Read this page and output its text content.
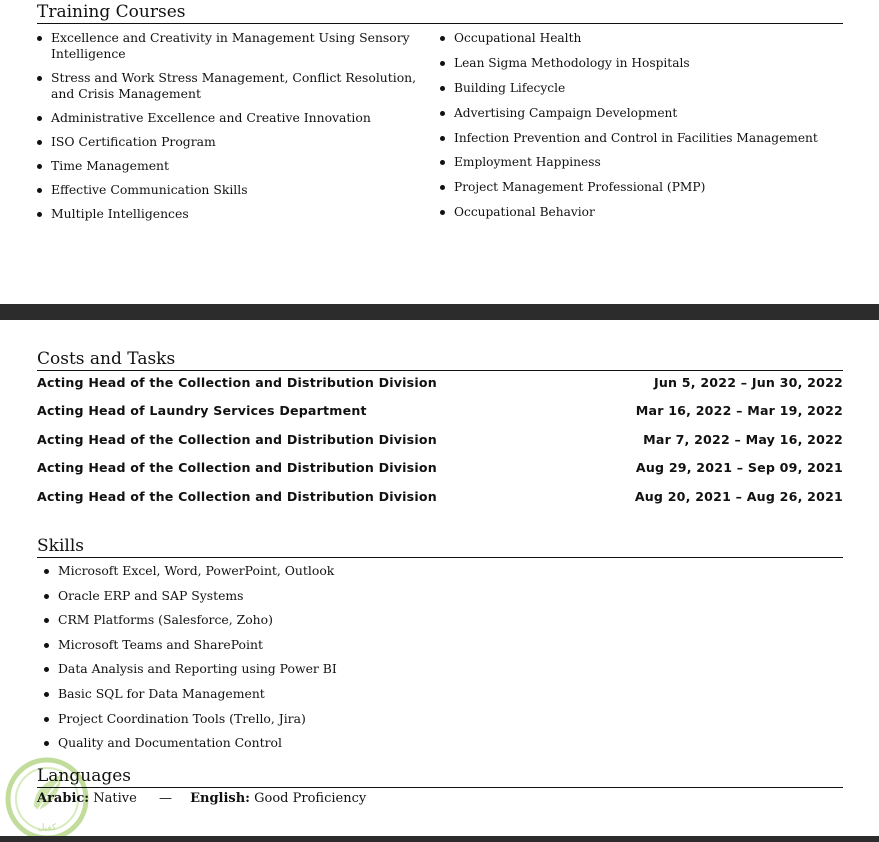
Training Courses
Excellence and Creativity in Management Using Sensory Intelligence
Stress and Work Stress Management, Conflict Resolution, and Crisis Management
Administrative Excellence and Creative Innovation
ISO Certification Program
Time Management
Effective Communication Skills
Multiple Intelligences
Occupational Health
Lean Sigma Methodology in Hospitals
Building Lifecycle
Advertising Campaign Development
Infection Prevention and Control in Facilities Management
Employment Happiness
Project Management Professional (PMP)
Occupational Behavior
Costs and Tasks
Acting Head of the Collection and Distribution Division	Jun 5, 2022 – Jun 30, 2022
Acting Head of Laundry Services Department	Mar 16, 2022 – Mar 19, 2022
Acting Head of the Collection and Distribution Division	Mar 7, 2022 – May 16, 2022
Acting Head of the Collection and Distribution Division	Aug 29, 2021 – Sep 09, 2021
Acting Head of the Collection and Distribution Division	Aug 20, 2021 – Aug 26, 2021
Skills
Microsoft Excel, Word, PowerPoint, Outlook
Oracle ERP and SAP Systems
CRM Platforms (Salesforce, Zoho)
Microsoft Teams and SharePoint
Data Analysis and Reporting using Power BI
Basic SQL for Data Management
Project Coordination Tools (Trello, Jira)
Quality and Documentation Control
كفيل
Languages
Arabic: Native — English: Good Proficiency
